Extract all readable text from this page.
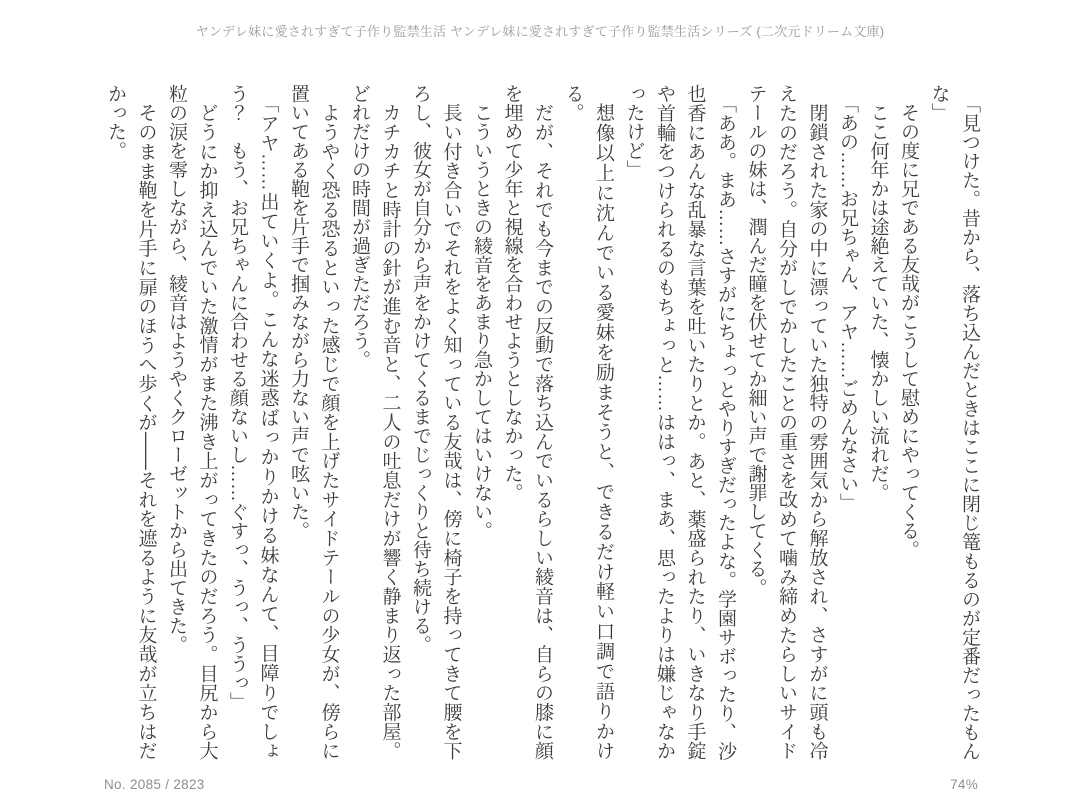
ヤンデレ妹に愛されすぎて子作り監禁生活 ヤンデレ妹に愛されすぎて子作り監禁生活シリーズ (二次元ドリーム文庫)

「見つけた。昔から、落ち込んだときはここに閉じ篭もるのが定番だったもんな」

その度に兄である友哉がこうして慰めにやってくる。

ここ何年かは途絶えていた、懐かしい流れだ。

「あの……お兄ちゃん、アヤ……ごめんなさい」

閉鎖された家の中に漂っていた独特の雰囲気から解放され、さすがに頭も冷えたのだろう。自分がしでかしたことの重さを改めて噛み締めたらしいサイドテールの妹は、潤んだ瞳を伏せてか細い声で謝罪してくる。

「ああ。まあ……さすがにちょっとやりすぎだったよな。学園サボったり、沙也香にあんな乱暴な言葉を吐いたりとか。あと、薬盛られたり、いきなり手錠や首輪をつけられるのもちょっと……ははっ、まあ、思ったよりは嫌じゃなかったけど」

想像以上に沈んでいる愛妹を励まそうと、できるだけ軽い口調で語りかける。

だが、それでも今までの反動で落ち込んでいるらしい綾音は、自らの膝に顔を埋めて少年と視線を合わせようとしなかった。

こういうときの綾音をあまり急かしてはいけない。

長い付き合いでそれをよく知っている友哉は、傍に椅子を持ってきて腰を下ろし、彼女が自分から声をかけてくるまでじっくりと待ち続ける。

カチカチと時計の針が進む音と、二人の吐息だけが響く静まり返った部屋。どれだけの時間が過ぎただろう。

ようやく恐る恐るといった感じで顔を上げたサイドテールの少女が、傍らに置いてある鞄を片手で掴みながら力ない声で呟いた。

「アヤ……出ていくよ。こんな迷惑ばっかりかける妹なんて、目障りでしょう？　もう、お兄ちゃんに合わせる顔ないし……ぐすっ、うっ、ううっ」

どうにか抑え込んでいた激情がまた沸き上がってきたのだろう。目尻から大粒の涙を零しながら、綾音はようやくクローゼットから出てきた。

そのまま鞄を片手に扉のほうへ歩くが――それを遮るように友哉が立ちはだかった。

No. 2085 / 2823	74%
